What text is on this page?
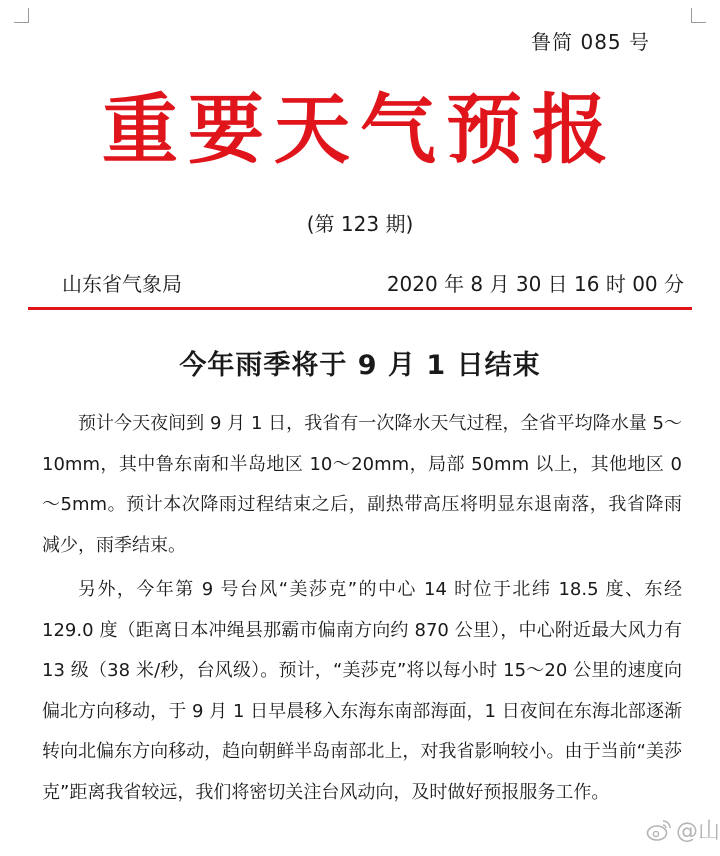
鲁简 085 号
重要天气预报
(第 123 期)
山东省气象局	2020 年 8 月 30 日 16 时 00 分
今年雨季将于 9 月 1 日结束

预计今天夜间到 9 月 1 日，我省有一次降水天气过程，全省平均降水量 5～10mm，其中鲁东南和半岛地区 10～20mm，局部 50mm 以上，其他地区 0～5mm。预计本次降雨过程结束之后，副热带高压将明显东退南落，我省降雨减少，雨季结束。

另外，今年第 9 号台风“美莎克”的中心 14 时位于北纬 18.5 度、东经 129.0 度（距离日本冲绳县那霸市偏南方向约 870 公里），中心附近最大风力有 13 级（38 米/秒，台风级）。预计，“美莎克”将以每小时 15～20 公里的速度向偏北方向移动，于 9 月 1 日早晨移入东海东南部海面，1 日夜间在东海北部逐渐转向北偏东方向移动，趋向朝鲜半岛南部北上，对我省影响较小。由于当前“美莎克”距离我省较远，我们将密切关注台风动向，及时做好预报服务工作。

@山
